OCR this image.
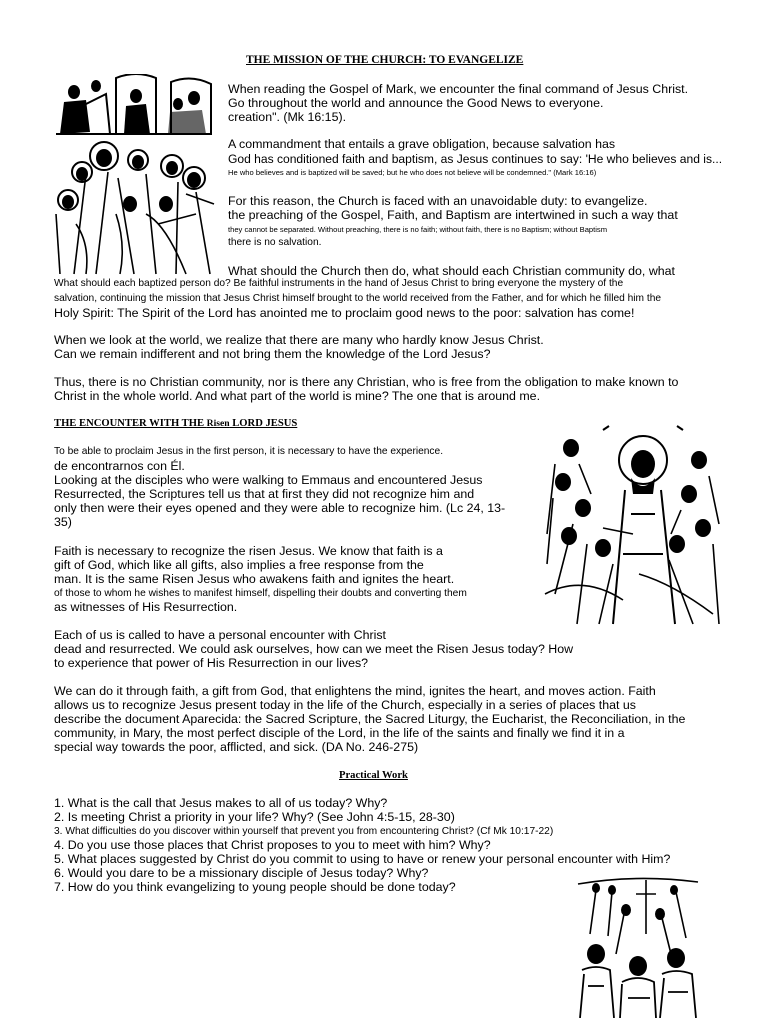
THE MISSION OF THE CHURCH: TO EVANGELIZE

When reading the Gospel of Mark, we encounter the final command of Jesus Christ.

Go throughout the world and announce the Good News to everyone.

creation". (Mk 16:15).

A commandment that entails a grave obligation, because salvation has

God has conditioned faith and baptism, as Jesus continues to say: 'He who believes and is...

He who believes and is baptized will be saved; but he who does not believe will be condemned." (Mark 16:16)

For this reason, the Church is faced with an unavoidable duty: to evangelize.

the preaching of the Gospel, Faith, and Baptism are intertwined in such a way that

they cannot be separated. Without preaching, there is no faith; without faith, there is no Baptism; without Baptism

there is no salvation.

What should the Church then do, what should each Christian community do, what

What should each baptized person do? Be faithful instruments in the hand of Jesus Christ to bring everyone the mystery of the

salvation, continuing the mission that Jesus Christ himself brought to the world received from the Father, and for which he filled him the

Holy Spirit: The Spirit of the Lord has anointed me to proclaim good news to the poor: salvation has come!

When we look at the world, we realize that there are many who hardly know Jesus Christ.

Can we remain indifferent and not bring them the knowledge of the Lord Jesus?

Thus, there is no Christian community, nor is there any Christian, who is free from the obligation to make known to

Christ in the whole world. And what part of the world is mine? The one that is around me.

THE ENCOUNTER WITH THE Risen LORD JESUS

To be able to proclaim Jesus in the first person, it is necessary to have the experience.

de encontrarnos con Él.

Looking at the disciples who were walking to Emmaus and encountered Jesus

Resurrected, the Scriptures tell us that at first they did not recognize him and

only then were their eyes opened and they were able to recognize him. (Lc 24, 13-

35)

Faith is necessary to recognize the risen Jesus. We know that faith is a

gift of God, which like all gifts, also implies a free response from the

man. It is the same Risen Jesus who awakens faith and ignites the heart.

of those to whom he wishes to manifest himself, dispelling their doubts and converting them

as witnesses of His Resurrection.

Each of us is called to have a personal encounter with Christ

dead and resurrected. We could ask ourselves, how can we meet the Risen Jesus today? How

to experience that power of His Resurrection in our lives?

We can do it through faith, a gift from God, that enlightens the mind, ignites the heart, and moves action. Faith

allows us to recognize Jesus present today in the life of the Church, especially in a series of places that us

describe the document Aparecida: the Sacred Scripture, the Sacred Liturgy, the Eucharist, the Reconciliation, in the

community, in Mary, the most perfect disciple of the Lord, in the life of the saints and finally we find it in a

special way towards the poor, afflicted, and sick. (DA No. 246-275)

Practical Work

1. What is the call that Jesus makes to all of us today? Why?

2. Is meeting Christ a priority in your life? Why? (See John 4:5-15, 28-30)

3. What difficulties do you discover within yourself that prevent you from encountering Christ? (Cf Mk 10:17-22)

4. Do you use those places that Christ proposes to you to meet with him? Why?

5. What places suggested by Christ do you commit to using to have or renew your personal encounter with Him?

6. Would you dare to be a missionary disciple of Jesus today? Why?

7. How do you think evangelizing to young people should be done today?
